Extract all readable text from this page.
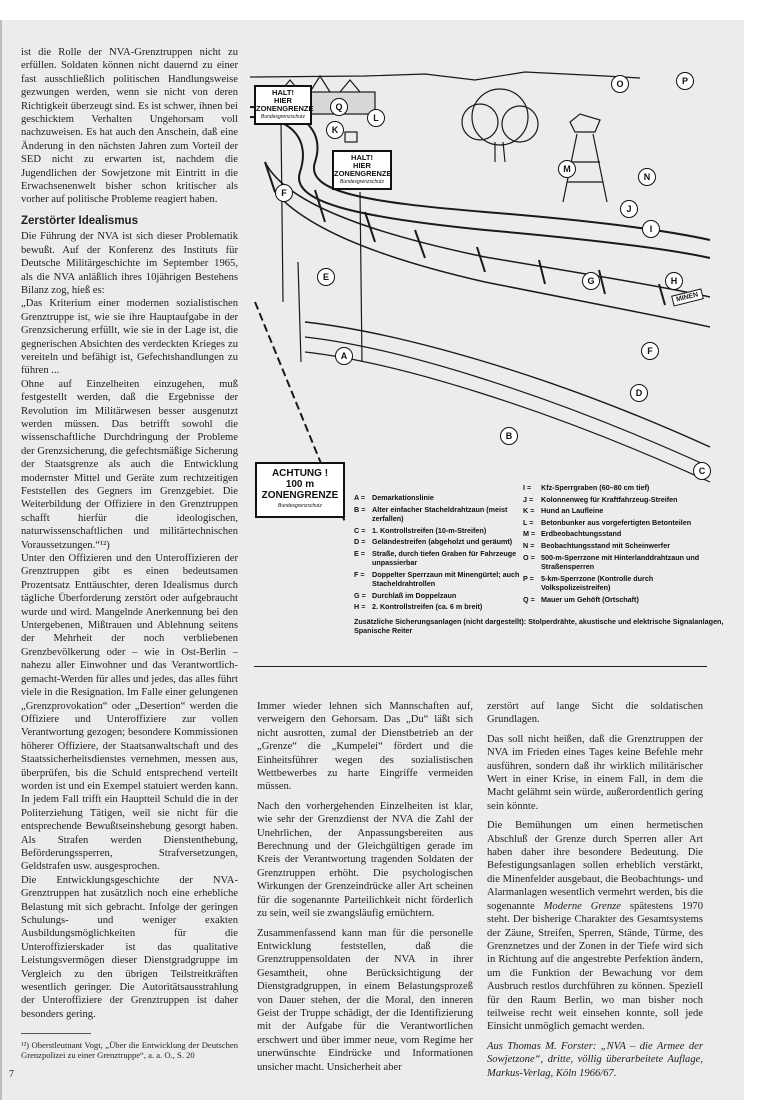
ist die Rolle der NVA-Grenztruppen nicht zu erfüllen. Soldaten können nicht dauernd zu einer fast ausschließlich politischen Handlungsweise gezwungen werden, wenn sie nicht von deren Richtigkeit überzeugt sind. Es ist schwer, ihnen bei geschicktem Verhalten Ungehorsam voll nachzuweisen. Es hat auch den Anschein, daß eine Änderung in den nächsten Jahren zum Vorteil der SED nicht zu erwarten ist, nachdem die Jugendlichen der Sowjetzone mit Eintritt in die Erwachsenenwelt bisher schon kritischer als vorher auf politische Probleme reagiert haben.

Zerstörter Idealismus

Die Führung der NVA ist sich dieser Problematik bewußt. Auf der Konferenz des Instituts für Deutsche Militärgeschichte im September 1965, als die NVA anläßlich ihres 10jährigen Bestehens Bilanz zog, hieß es:

„Das Kriterium einer modernen sozialistischen Grenztruppe ist, wie sie ihre Hauptaufgabe in der Grenzsicherung erfüllt, wie sie in der Lage ist, die gegnerischen Absichten des verdeckten Krieges zu vereiteln und befähigt ist, Gefechtshandlungen zu führen ...

Ohne auf Einzelheiten einzugehen, muß festgestellt werden, daß die Ergebnisse der Revolution im Militärwesen besser ausgenutzt werden müssen. Das betrifft sowohl die wissenschaftliche Durchdringung der Probleme der Grenzsicherung, die gefechtsmäßige Sicherung der Staatsgrenze als auch die Entwicklung modernster Mittel und Geräte zum rechtzeitigen Feststellen des Gegners im Grenzgebiet. Die Weiterbildung der Offiziere in den Grenztruppen schafft hierfür die ideologischen, naturwissenschaftlichen und militärtechnischen Voraussetzungen.“¹²)

Unter den Offizieren und den Unteroffizieren der Grenztruppen gibt es einen bedeutsamen Prozentsatz Enttäuschter, deren Idealismus durch tägliche Überforderung zerstört oder aufgebraucht wurde und wird. Mangelnde Anerkennung bei den Untergebenen, Mißtrauen und Ablehnung seitens der Mehrheit der noch verbliebenen Grenzbevölkerung oder – wie in Ost-Berlin – nahezu aller Einwohner und das Verantwortlich-gemacht-Werden für alles und jedes, das alles führt viele in die Resignation. Im Falle einer gelungenen „Grenzprovokation“ oder „Desertion“ werden die Offiziere und Unteroffiziere zur vollen Verantwortung gezogen; besondere Kommissionen höherer Offiziere, der Staatsanwaltschaft und des Staatssicherheitsdienstes vernehmen, messen aus, überprüfen, bis die Schuld entsprechend verteilt worden ist und ein Exempel statuiert werden kann. In jedem Fall trifft ein Hauptteil Schuld die in der Politerziehung Tätigen, weil sie nicht für die entsprechende Bewußtseinshebung gesorgt haben. Als Strafen werden Dienstenthebung, Beförderungssperren, Strafversetzungen, Geldstrafen usw. ausgesprochen.

Die Entwicklungsgeschichte der NVA-Grenztruppen hat zusätzlich noch eine erhebliche Belastung mit sich gebracht. Infolge der geringen Schulungs- und weniger exakten Ausbildungsmöglichkeiten für die Unteroffizierskader ist das qualitative Leistungsvermögen dieser Dienstgradgruppe im Vergleich zu den übrigen Teilstreitkräften wesentlich geringer. Die Autoritätsausstrahlung der Unteroffiziere der Grenztruppen ist daher besonders gering.

¹²) Oberstleutnant Vogt, „Über die Entwicklung der Deutschen Grenzpolizei zu einer Grenztruppe“, a. a. O., S. 20

7
HALT!
HIER
ZONENGRENZE
Bundesgrenzschutz
HALT!
HIER
ZONENGRENZE
Bundesgrenzschutz
ACHTUNG !
100 m
ZONENGRENZE
Bundesgrenzschutz
A
B
C
D
E
F
F
G	H
I
J
K
L
M
N
O	P
Q
MINEN
A = Demarkationslinie
B = Alter einfacher Stacheldrahtzaun (meist zerfallen)
C = 1. Kontrollstreifen (10-m-Streifen)
D = Geländestreifen (abgeholzt und geräumt)
E = Straße, durch tiefen Graben für Fahrzeuge unpassierbar
F =	Doppelter Sperrzaun mit Minengürtel; auch Stacheldrahtrollen
G = Durchlaß im Doppelzaun
H = 2. Kontrollstreifen (ca. 6 m breit)
I =	Kfz-Sperrgraben (60–80 cm tief)
J =	Kolonnenweg für Kraftfahrzeug-Streifen
K = Hund an Laufleine
L =	Betonbunker aus vorgefertigten Betonteilen
M = Erdbeobachtungsstand
N = Beobachtungsstand mit Scheinwerfer
O = 500-m-Sperrzone mit Hinterlanddrahtzaun und Straßensperren
P = 5-km-Sperrzone (Kontrolle durch Volkspolizeistreifen)
Q = Mauer um Gehöft (Ortschaft)
Zusätzliche Sicherungsanlagen (nicht dargestellt): Stolperdrähte, akustische und elektrische Signalanlagen, Spanische Reiter

Immer wieder lehnen sich Mannschaften auf, verweigern den Gehorsam. Das „Du“ läßt sich nicht ausrotten, zumal der Dienstbetrieb an der „Grenze“ die „Kumpelei“ fördert und die Einheitsführer wegen des sozialistischen Wettbewerbes zu harte Eingriffe vermeiden müssen.

Nach den vorhergehenden Einzelheiten ist klar, wie sehr der Grenzdienst der NVA die Zahl der Unehrlichen, der Anpassungsbereiten aus Berechnung und der Gleichgültigen gerade im Kreis der Verantwortung tragenden Soldaten der Grenztruppen erhöht. Die psychologischen Wirkungen der Grenzeindrücke aller Art scheinen für die sogenannte Parteilichkeit nicht förderlich zu sein, weil sie zwangsläufig ernüchtern.

Zusammenfassend kann man für die personelle Entwicklung feststellen, daß die Grenztruppensoldaten der NVA in ihrer Gesamtheit, ohne Berücksichtigung der Dienstgradgruppen, in einem Belastungsprozeß von Dauer stehen, der die Moral, den inneren Geist der Truppe schädigt, der die Identifizierung mit der Aufgabe für die Verantwortlichen erschwert und über immer neue, vom Regime her unerwünschte Eindrücke und Informationen unsicher macht. Unsicherheit aber

zerstört auf lange Sicht die soldatischen Grundlagen.

Das soll nicht heißen, daß die Grenztruppen der NVA im Frieden eines Tages keine Befehle mehr ausführen, sondern daß ihr wirklich militärischer Wert in einer Krise, in einem Fall, in dem die Macht gelähmt sein würde, außerordentlich gering sein könnte.

Die Bemühungen um einen hermetischen Abschluß der Grenze durch Sperren aller Art haben daher ihre besondere Bedeutung. Die Befestigungsanlagen sollen erheblich verstärkt, die Minenfelder ausgebaut, die Beobachtungs- und Alarmanlagen wesentlich vermehrt werden, bis die sogenannte Moderne Grenze spätestens 1970 steht. Der bisherige Charakter des Gesamtsystems der Zäune, Streifen, Sperren, Stände, Türme, des Grenznetzes und der Zonen in der Tiefe wird sich in Richtung auf die angestrebte Perfektion ändern, um die Funktion der Bewachung vor dem Ausbruch restlos durchführen zu können. Speziell für den Raum Berlin, wo man bisher noch teilweise recht weit einsehen konnte, soll jede Einsicht unmöglich gemacht werden.

Aus Thomas M. Forster: „NVA – die Armee der Sowjetzone“, dritte, völlig überarbeitete Auflage, Markus-Verlag, Köln 1966/67.
